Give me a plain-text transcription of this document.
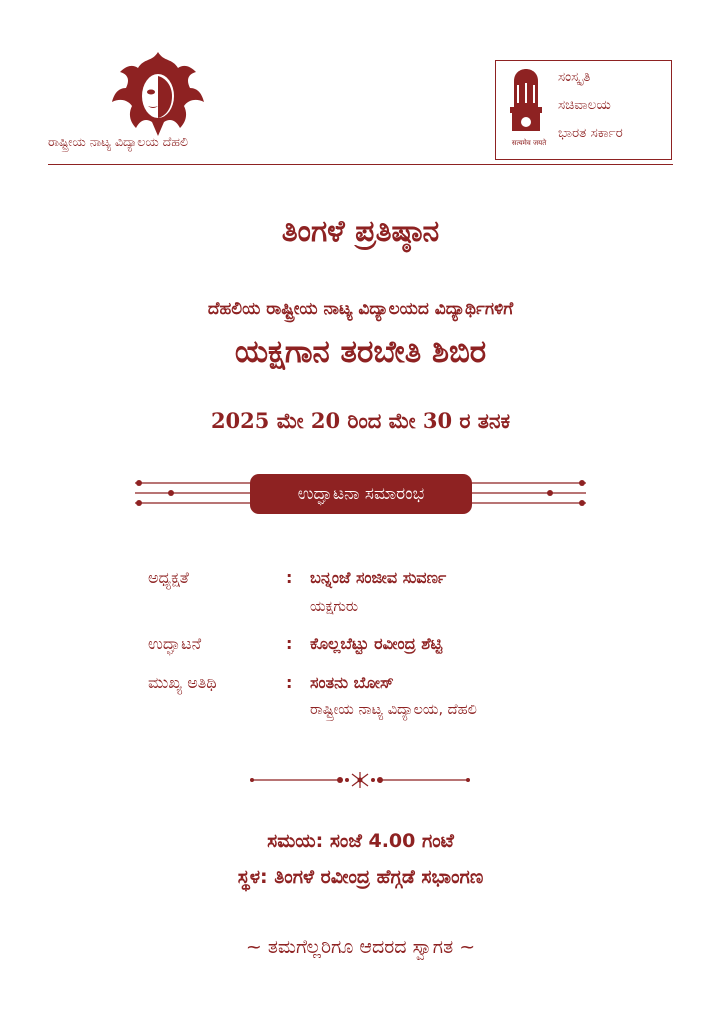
ರಾಷ್ಟ್ರೀಯ ನಾಟ್ಯ ವಿದ್ಯಾಲಯ ದೆಹಲಿ	सत्यमेव जयते
ಸಂಸ್ಕೃತಿ
ಸಚಿವಾಲಯ
ಭಾರತ ಸರ್ಕಾರ
ತಿಂಗಳೆ ಪ್ರತಿಷ್ಠಾನ
ದೆಹಲಿಯ ರಾಷ್ಟ್ರೀಯ ನಾಟ್ಯ ವಿದ್ಯಾಲಯದ ವಿದ್ಯಾರ್ಥಿಗಳಿಗೆ
ಯಕ್ಷಗಾನ ತರಬೇತಿ ಶಿಬಿರ
2025 ಮೇ 20 ರಿಂದ ಮೇ 30 ರ ತನಕ
ಉದ್ಘಾಟನಾ ಸಮಾರಂಭ
ಅಧ್ಯಕ್ಷತೆ	: ಬನ್ನಂಜೆ ಸಂಜೀವ ಸುವರ್ಣ
ಯಕ್ಷಗುರು
ಉದ್ಘಾಟನೆ	: ಕೊಲ್ಲಬೆಟ್ಟು ರವೀಂದ್ರ ಶೆಟ್ಟಿ
ಮುಖ್ಯ ಅತಿಥಿ	: ಸಂತನು ಬೋಸ್
ರಾಷ್ಟ್ರೀಯ ನಾಟ್ಯ ವಿದ್ಯಾಲಯ, ದೆಹಲಿ
ಸಮಯ: ಸಂಜೆ 4.00 ಗಂಟೆ
ಸ್ಥಳ: ತಿಂಗಳೆ ರವೀಂದ್ರ ಹೆಗ್ಗಡೆ ಸಭಾಂಗಣ
~ ತಮಗೆಲ್ಲರಿಗೂ ಆದರದ ಸ್ವಾಗತ ~
